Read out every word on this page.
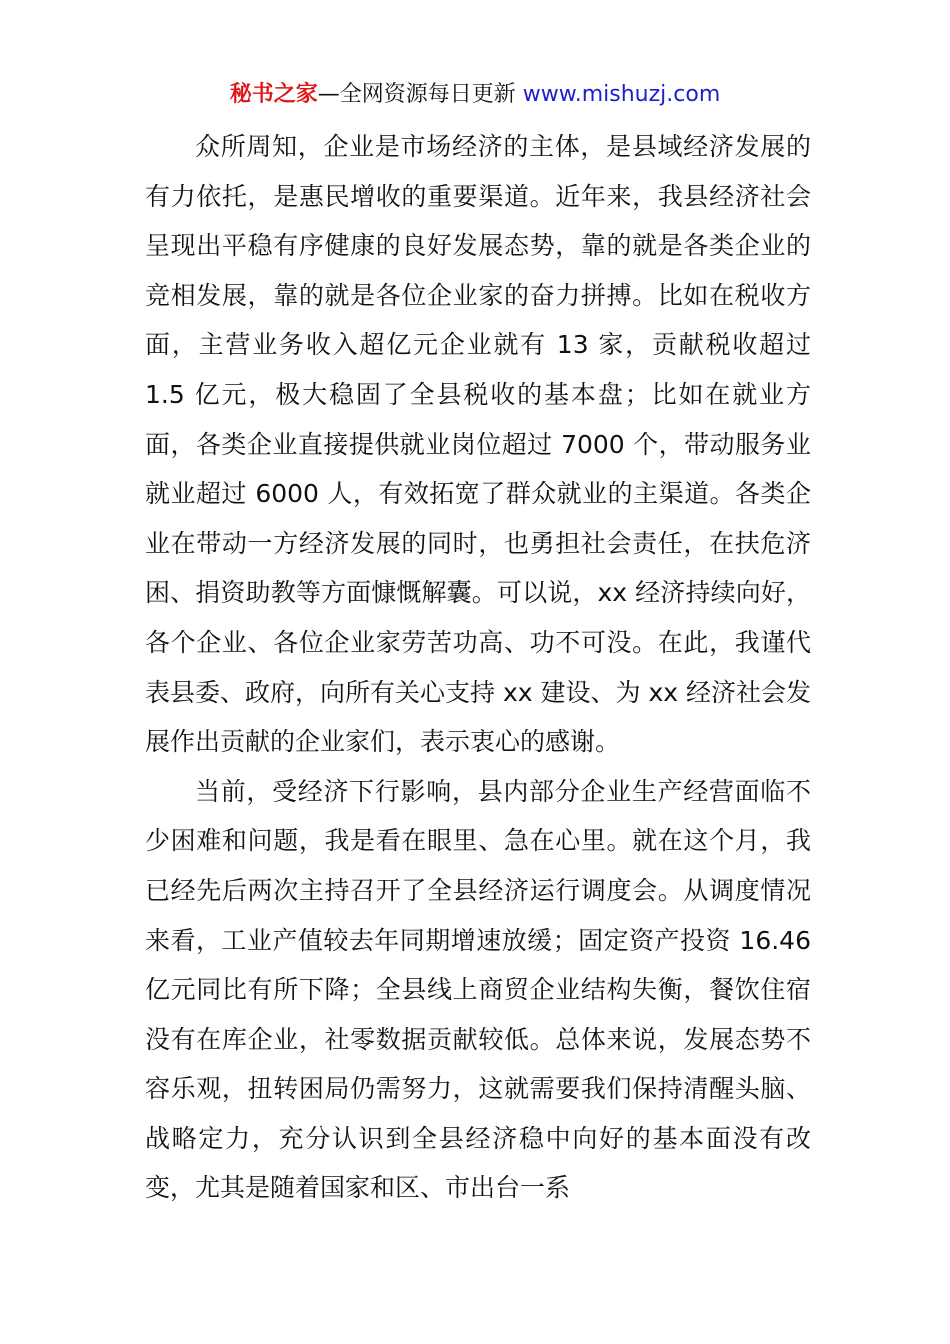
秘书之家—全网资源每日更新 www.mishuzj.com

众所周知，企业是市场经济的主体，是县域经济发展的有力依托，是惠民增收的重要渠道。近年来，我县经济社会呈现出平稳有序健康的良好发展态势，靠的就是各类企业的竞相发展，靠的就是各位企业家的奋力拼搏。比如在税收方面，主营业务收入超亿元企业就有 13 家，贡献税收超过 1.5 亿元，极大稳固了全县税收的基本盘；比如在就业方面，各类企业直接提供就业岗位超过 7000 个，带动服务业就业超过 6000 人，有效拓宽了群众就业的主渠道。各类企业在带动一方经济发展的同时，也勇担社会责任，在扶危济困、捐资助教等方面慷慨解囊。可以说，xx 经济持续向好，各个企业、各位企业家劳苦功高、功不可没。在此，我谨代表县委、政府，向所有关心支持 xx 建设、为 xx 经济社会发展作出贡献的企业家们，表示衷心的感谢。

当前，受经济下行影响，县内部分企业生产经营面临不少困难和问题，我是看在眼里、急在心里。就在这个月，我已经先后两次主持召开了全县经济运行调度会。从调度情况来看，工业产值较去年同期增速放缓；固定资产投资 16.46 亿元同比有所下降；全县线上商贸企业结构失衡，餐饮住宿没有在库企业，社零数据贡献较低。总体来说，发展态势不容乐观，扭转困局仍需努力，这就需要我们保持清醒头脑、战略定力，充分认识到全县经济稳中向好的基本面没有改变，尤其是随着国家和区、市出台一系
